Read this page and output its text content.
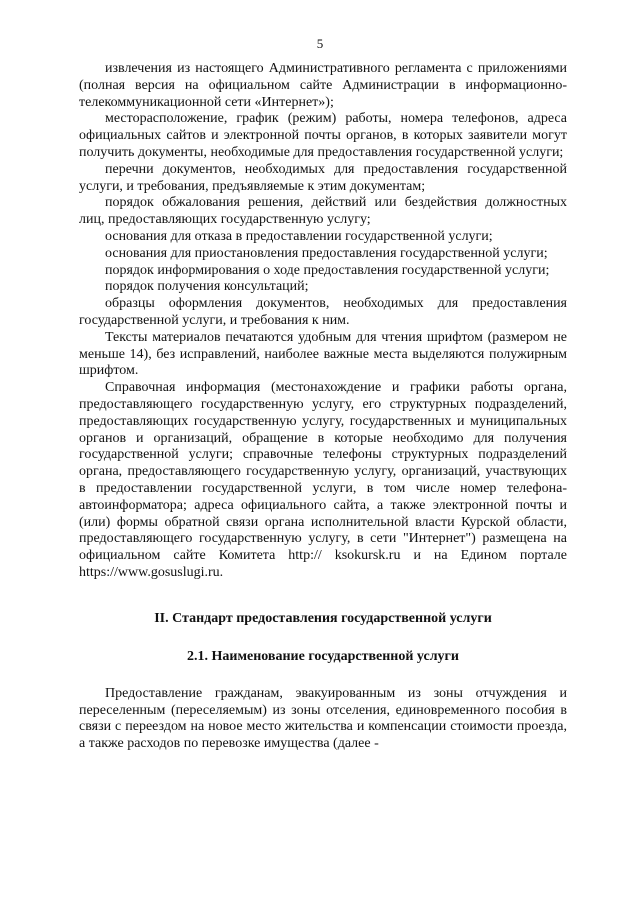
5

извлечения из настоящего Административного регламента с приложениями (полная версия на официальном сайте Администрации в информационно-телекоммуникационной сети «Интернет»);

месторасположение, график (режим) работы, номера телефонов, адреса официальных сайтов и электронной почты органов, в которых заявители могут получить документы, необходимые для предоставления государственной услуги;

перечни документов, необходимых для предоставления государственной услуги, и требования, предъявляемые к этим документам;

порядок обжалования решения, действий или бездействия должностных лиц, предоставляющих государственную услугу;

основания для отказа в предоставлении государственной услуги;

основания для приостановления предоставления государственной услуги;

порядок информирования о ходе предоставления государственной услуги;

порядок получения консультаций;

образцы оформления документов, необходимых для предоставления государственной услуги, и требования к ним.

Тексты материалов печатаются удобным для чтения шрифтом (размером не меньше 14), без исправлений, наиболее важные места выделяются полужирным шрифтом.

Справочная информация (местонахождение и графики работы органа, предоставляющего государственную услугу, его структурных подразделений, предоставляющих государственную услугу, государственных и муниципальных органов и организаций, обращение в которые необходимо для получения государственной услуги; справочные телефоны структурных подразделений органа, предоставляющего государственную услугу, организаций, участвующих в предоставлении государственной услуги, в том числе номер телефона-автоинформатора; адреса официального сайта, а также электронной почты и (или) формы обратной связи органа исполнительной власти Курской области, предоставляющего государственную услугу, в сети "Интернет") размещена на официальном сайте Комитета http:// ksokursk.ru и на Едином портале https://www.gosuslugi.ru.

II. Стандарт предоставления государственной услуги

2.1. Наименование государственной услуги

Предоставление гражданам, эвакуированным из зоны отчуждения и переселенным (переселяемым) из зоны отселения, единовременного пособия в связи с переездом на новое место жительства и компенсации стоимости проезда, а также расходов по перевозке имущества (далее -
